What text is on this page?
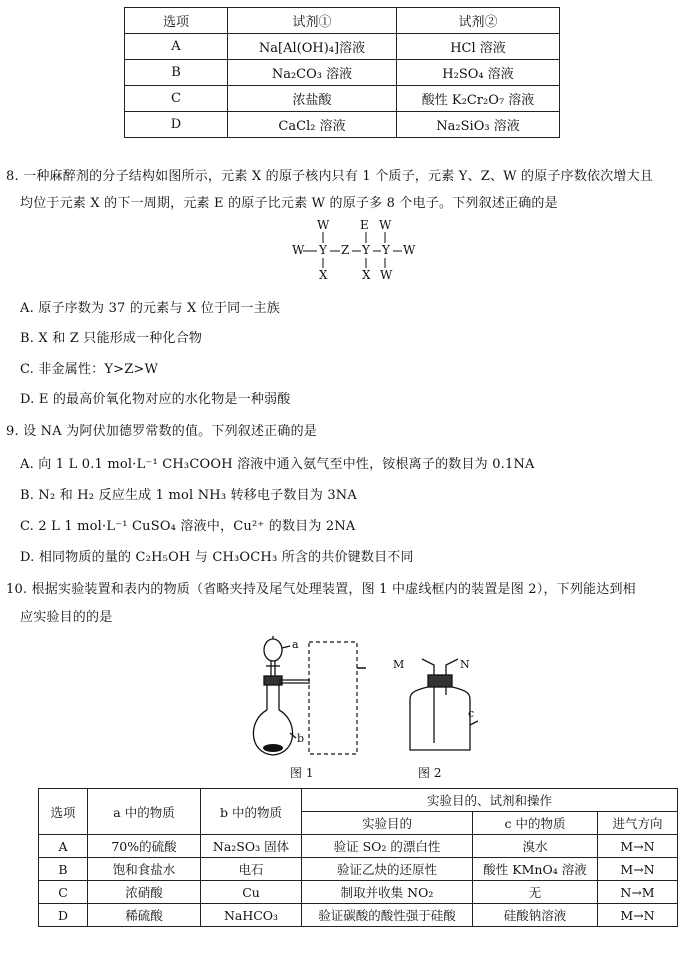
选项	试剂①	试剂②
A	Na[Al(OH)₄]溶液	HCl 溶液
B	Na₂CO₃ 溶液	H₂SO₄ 溶液
C	浓盐酸	酸性 K₂Cr₂O₇ 溶液
D	CaCl₂ 溶液	Na₂SiO₃ 溶液
8. 一种麻醉剂的分子结构如图所示，元素 X 的原子核内只有 1 个质子，元素 Y、Z、W 的原子序数依次增大且
均位于元素 X 的下一周期，元素 E 的原子比元素 W 的原子多 8 个电子。下列叙述正确的是
W	E W
W Y Z Y Y W
X	X W
A. 原子序数为 37 的元素与 X 位于同一主族
B. X 和 Z 只能形成一种化合物
C. 非金属性：Y>Z>W
D. E 的最高价氧化物对应的水化物是一种弱酸
9. 设 NA 为阿伏加德罗常数的值。下列叙述正确的是
A. 向 1 L 0.1 mol·L⁻¹ CH₃COOH 溶液中通入氨气至中性，铵根离子的数目为 0.1NA
B. N₂ 和 H₂ 反应生成 1 mol NH₃ 转移电子数目为 3NA
C. 2 L 1 mol·L⁻¹ CuSO₄ 溶液中，Cu²⁺ 的数目为 2NA
D. 相同物质的量的 C₂H₅OH 与 CH₃OCH₃ 所含的共价键数目不同
10. 根据实验装置和表内的物质（省略夹持及尾气处理装置，图 1 中虚线框内的装置是图 2），下列能达到相
应实验目的的是
a
b
图 1
M	N
c
图 2
选项	a 中的物质	b 中的物质	实验目的、试剂和操作		
			实验目的	c 中的物质	进气方向
A	70%的硫酸	Na₂SO₃ 固体	验证 SO₂ 的漂白性	溴水	M→N
B	饱和食盐水	电石	验证乙炔的还原性	酸性 KMnO₄ 溶液	M→N
C	浓硝酸	Cu	制取并收集 NO₂	无	N→M
D	稀硫酸	NaHCO₃	验证碳酸的酸性强于硅酸	硅酸钠溶液	M→N
